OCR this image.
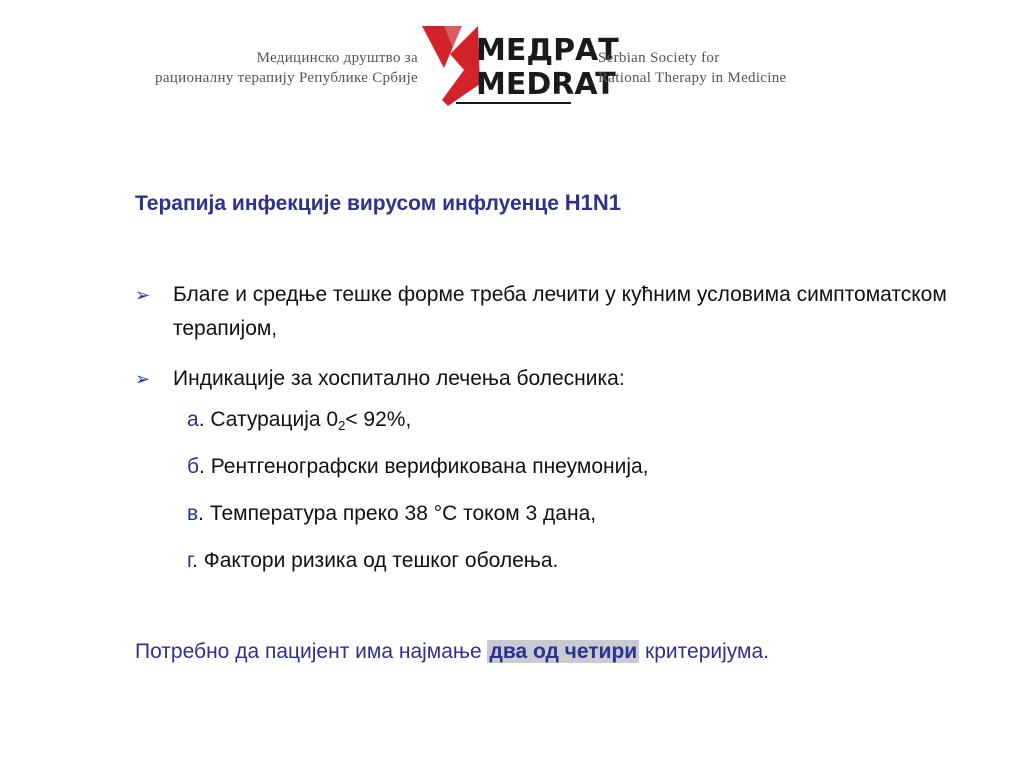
Медицинско друштво за
рационалну терапију Републике Србије
МЕДРАТ
MEDRAT
Serbian Society for
Rational Therapy in Medicine
Терапија инфекције вирусом инфлуенце H1N1
➢ Благе и средње тешке форме треба лечити у кућним условима симптоматском терапијом,
➢ Индикације за хоспитално лечења болесника:
а. Сатурација $0_2< 92\%$,
б. Рентгенографски верификована пнеумонија,
в. Температура преко 38 °C током 3 дана,
г. Фактори ризика од тешког оболења.
Потребно да пацијент има најмање два од четири критеријума.
